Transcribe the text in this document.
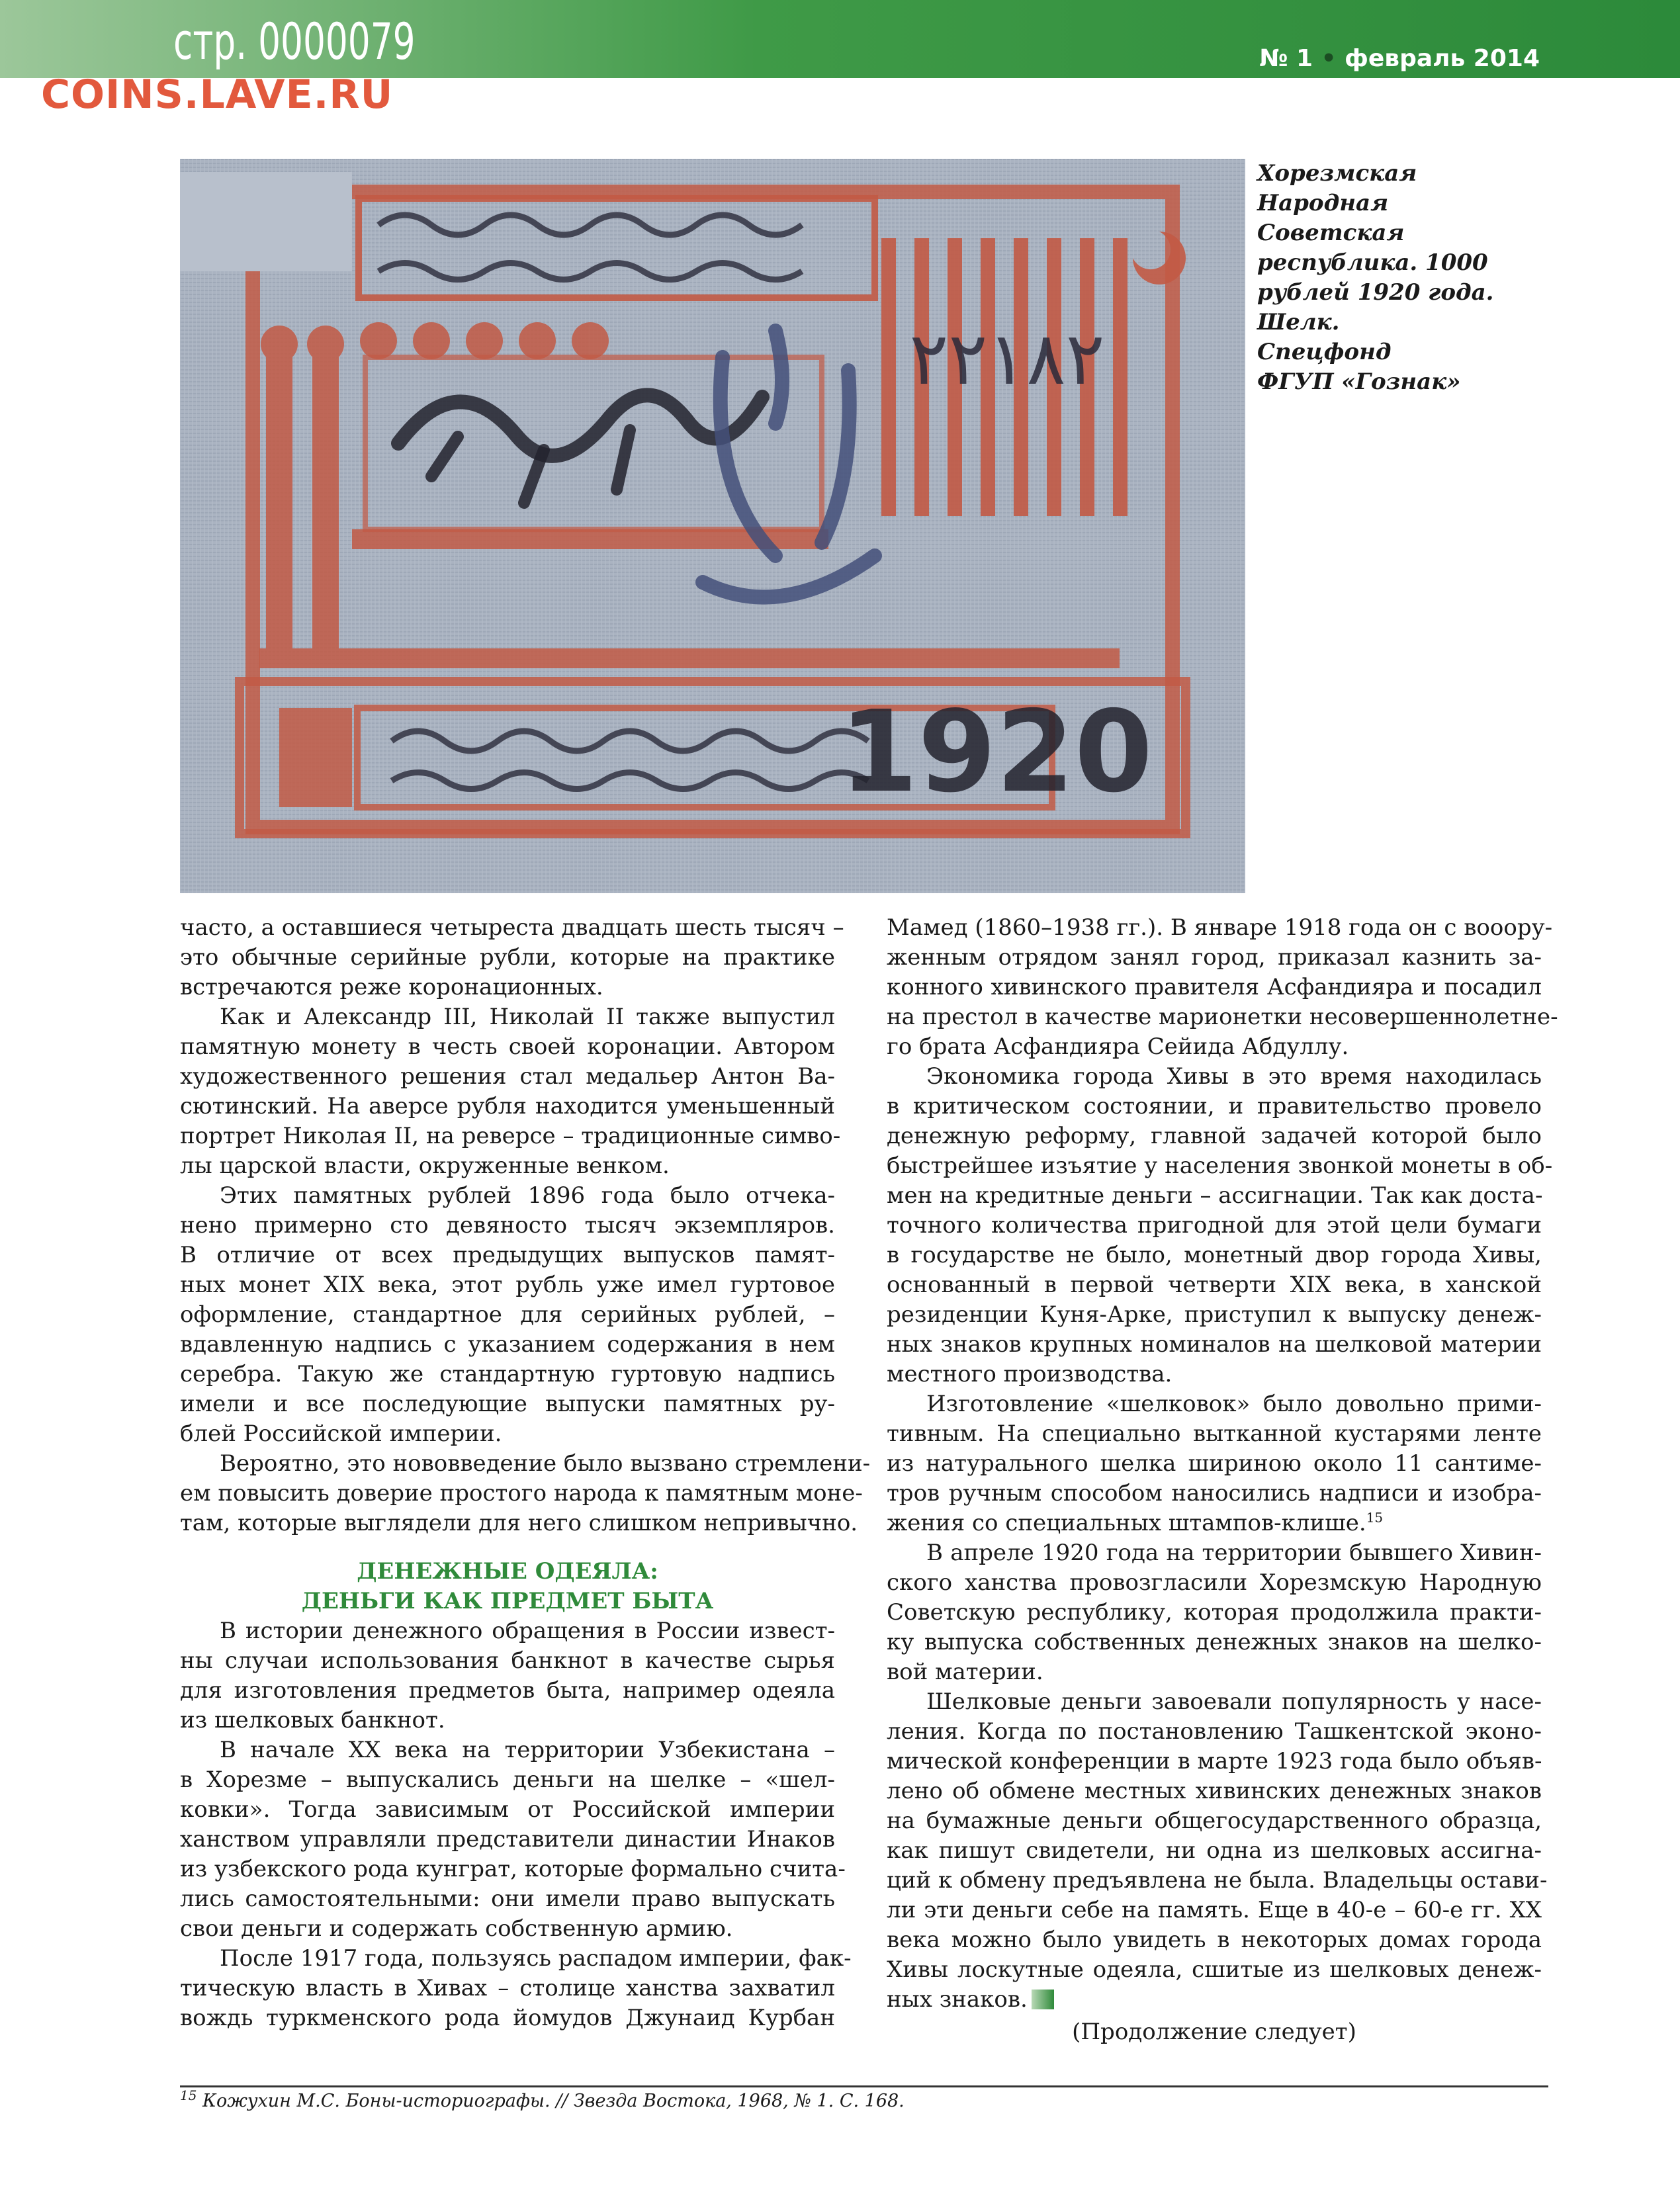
стр. 0000079	№ 1 • февраль 2014
COINS.LAVE.RU
٢٢١٨٢
1920
Хорезмская
Народная
Советская
республика. 1000
рублей 1920 года.
Шелк.
Спецфонд
ФГУП «Гознак»

часто, а оставшиеся четыреста двадцать шесть тысяч –
это обычные серийные рубли, которые на практике
встречаются реже коронационных.

Как и Александр III, Николай II также выпустил
памятную монету в честь своей коронации. Автором
художественного решения стал медальер Антон Ва-
сютинский. На аверсе рубля находится уменьшенный
портрет Николая II, на реверсе – традиционные симво-
лы царской власти, окруженные венком.

Этих памятных рублей 1896 года было отчека-
нено примерно сто девяносто тысяч экземпляров.
В отличие от всех предыдущих выпусков памят-
ных монет XIX века, этот рубль уже имел гуртовое
оформление, стандартное для серийных рублей, –
вдавленную надпись с указанием содержания в нем
серебра. Такую же стандартную гуртовую надпись
имели и все последующие выпуски памятных ру-
блей Российской империи.

Вероятно, это нововведение было вызвано стремлени-
ем повысить доверие простого народа к памятным моне-
там, которые выглядели для него слишком непривычно.

ДЕНЕЖНЫЕ ОДЕЯЛА:
ДЕНЬГИ КАК ПРЕДМЕТ БЫТА

В истории денежного обращения в России извест-
ны случаи использования банкнот в качестве сырья
для изготовления предметов быта, например одеяла
из шелковых банкнот.

В начале XX века на территории Узбекистана –
в Хорезме – выпускались деньги на шелке – «шел-
ковки». Тогда зависимым от Российской империи
ханством управляли представители династии Инаков
из узбекского рода кунграт, которые формально счита-
лись самостоятельными: они имели право выпускать
свои деньги и содержать собственную армию.

После 1917 года, пользуясь распадом империи, фак-
тическую власть в Хивах – столице ханства захватил
вождь туркменского рода йомудов Джунаид Курбан

Мамед (1860–1938 гг.). В январе 1918 года он с вооору-
женным отрядом занял город, приказал казнить за-
конного хивинского правителя Асфандияра и посадил
на престол в качестве марионетки несовершеннолетне-
го брата Асфандияра Сейида Абдуллу.

Экономика города Хивы в это время находилась
в критическом состоянии, и правительство провело
денежную реформу, главной задачей которой было
быстрейшее изъятие у населения звонкой монеты в об-
мен на кредитные деньги – ассигнации. Так как доста-
точного количества пригодной для этой цели бумаги
в государстве не было, монетный двор города Хивы,
основанный в первой четверти XIX века, в ханской
резиденции Куня-Арке, приступил к выпуску денеж-
ных знаков крупных номиналов на шелковой материи
местного производства.

Изготовление «шелковок» было довольно прими-
тивным. На специально вытканной кустарями ленте
из натурального шелка шириною около 11 сантиме-
тров ручным способом наносились надписи и изобра-
жения со специальных штампов-клише.$^{15}$

В апреле 1920 года на территории бывшего Хивин-
ского ханства провозгласили Хорезмскую Народную
Советскую республику, которая продолжила практи-
ку выпуска собственных денежных знаков на шелко-
вой материи.

Шелковые деньги завоевали популярность у насе-
ления. Когда по постановлению Ташкентской эконо-
мической конференции в марте 1923 года было объяв-
лено об обмене местных хивинских денежных знаков
на бумажные деньги общегосударственного образца,
как пишут свидетели, ни одна из шелковых ассигна-
ций к обмену предъявлена не была. Владельцы остави-
ли эти деньги себе на память. Еще в 40-е – 60-е гг. XX
века можно было увидеть в некоторых домах города
Хивы лоскутные одеяла, сшитые из шелковых денеж-
ных знаков.

(Продолжение следует)
$^{15}$ Кожухин М.С. Боны-историографы. // Звезда Востока, 1968, № 1. С. 168.
